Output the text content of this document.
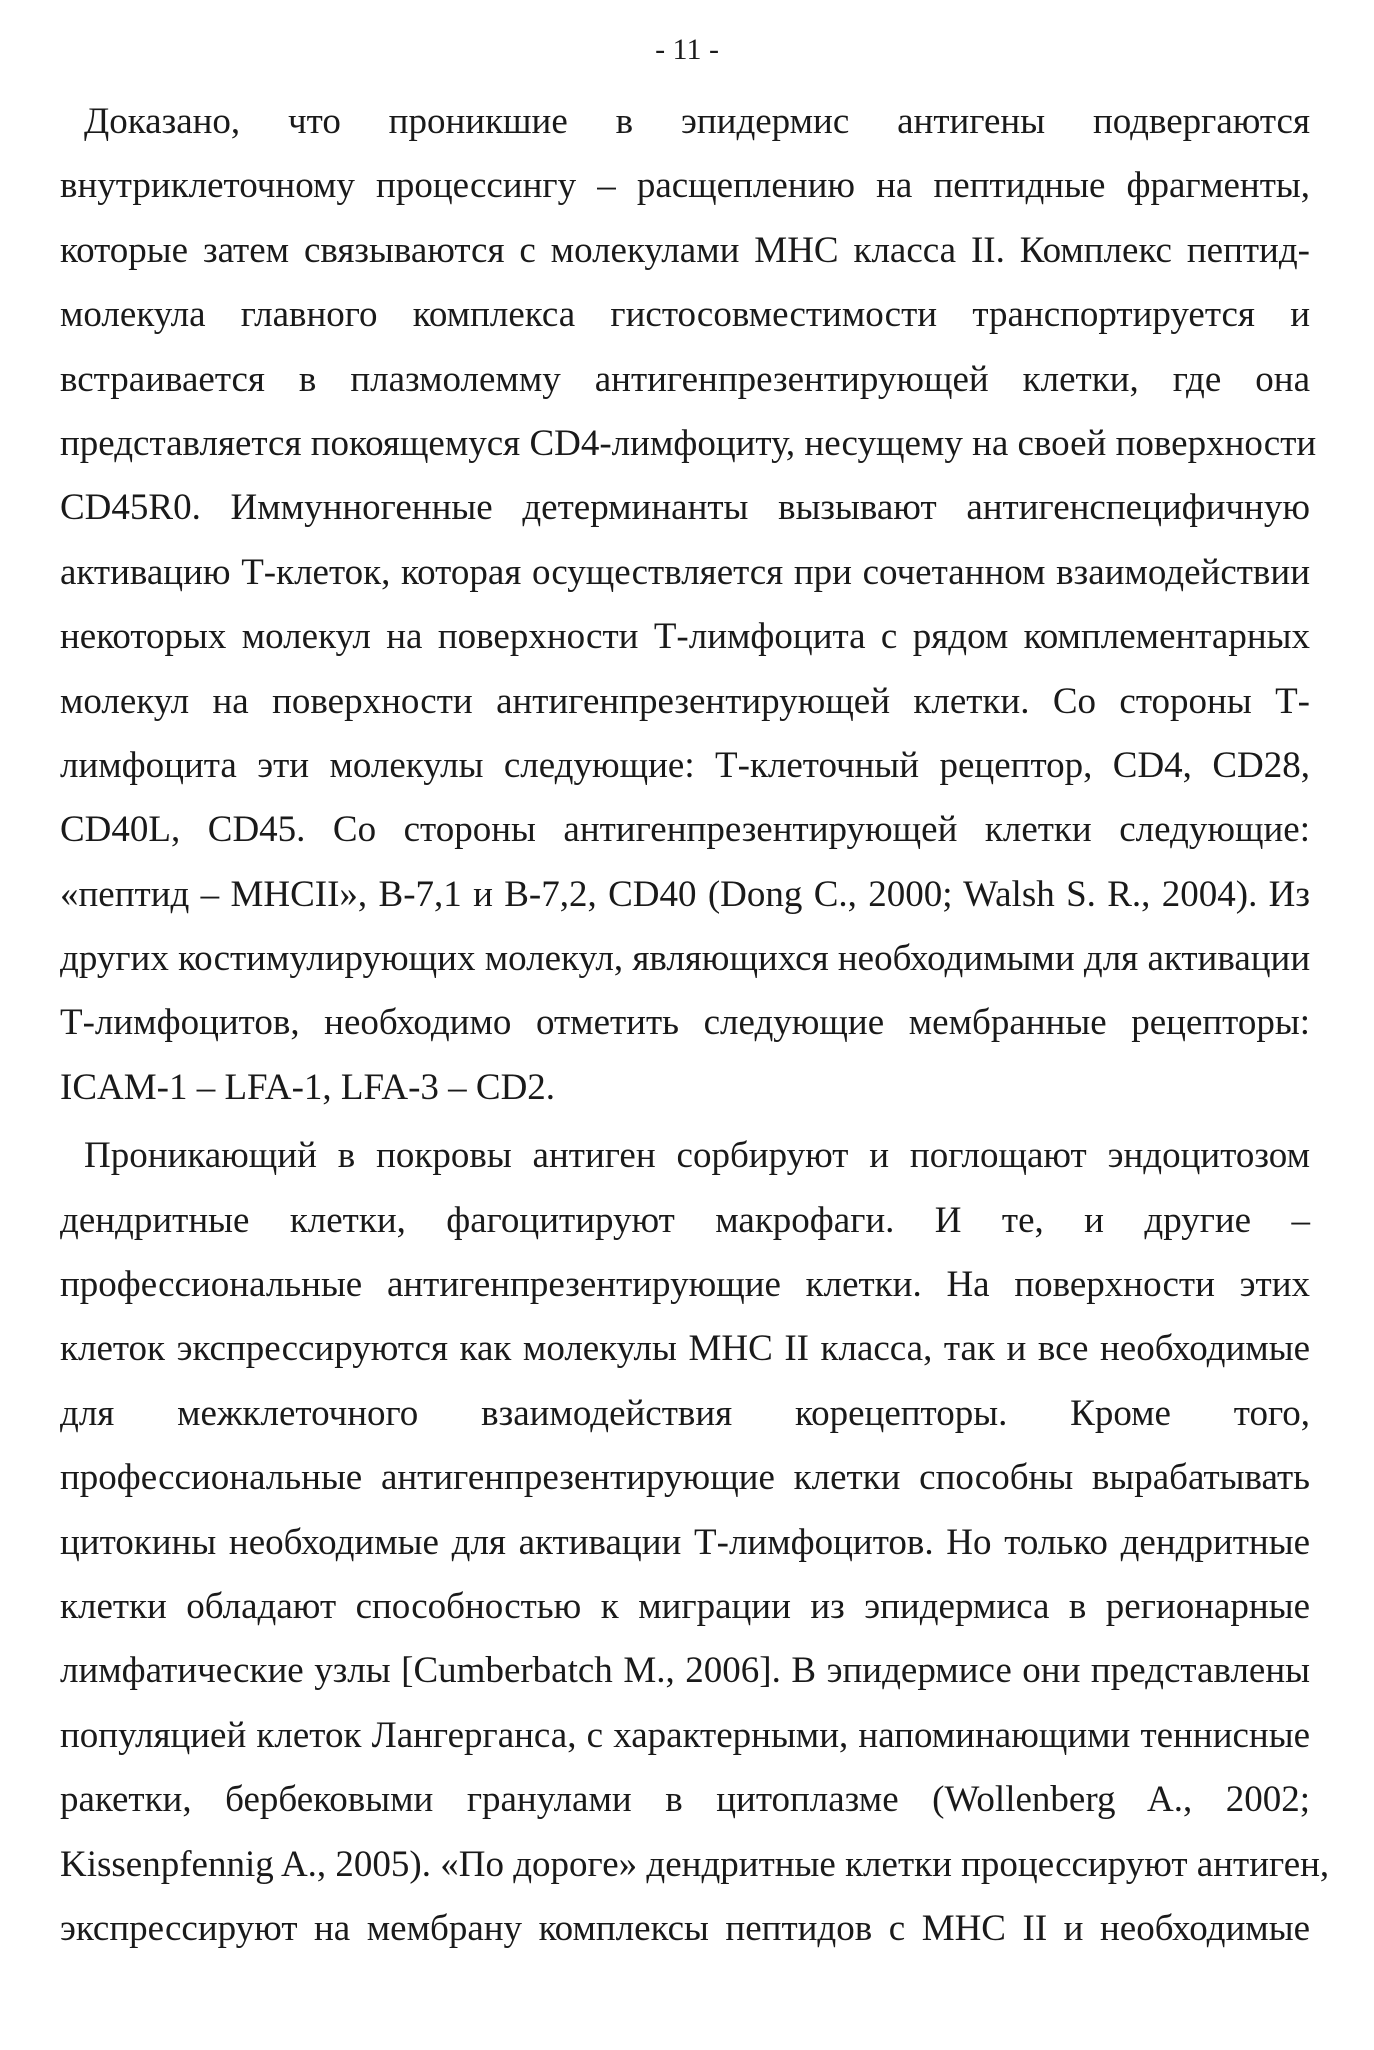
- 11 -
Доказано, что проникшие в эпидермис антигены подвергаются
внутриклеточному процессингу – расщеплению на пептидные фрагменты,
которые затем связываются с молекулами МНС класса II. Комплекс пептид-
молекула главного комплекса гистосовместимости транспортируется и
встраивается в плазмолемму антигенпрезентирующей клетки, где она
представляется покоящемуся CD4-лимфоциту, несущему на своей поверхности
CD45R0. Иммунногенные детерминанты вызывают антигенспецифичную
активацию Т-клеток, которая осуществляется при сочетанном взаимодействии
некоторых молекул на поверхности Т-лимфоцита с рядом комплементарных
молекул на поверхности антигенпрезентирующей клетки. Со стороны Т-
лимфоцита эти молекулы следующие: Т-клеточный рецептор, CD4, CD28,
CD40L, CD45. Со стороны антигенпрезентирующей клетки следующие:
«пептид – МНСII», В-7,1 и В-7,2, CD40 (Dong C., 2000; Walsh S. R., 2004). Из
других костимулирующих молекул, являющихся необходимыми для активации
Т-лимфоцитов, необходимо отметить следующие мембранные рецепторы:
ICAM-1 – LFA-1, LFA-3 – CD2.
Проникающий в покровы антиген сорбируют и поглощают эндоцитозом
дендритные клетки, фагоцитируют макрофаги. И те, и другие –
профессиональные антигенпрезентирующие клетки. На поверхности этих
клеток экспрессируются как молекулы МНС II класса, так и все необходимые
для межклеточного взаимодействия корецепторы. Кроме того,
профессиональные антигенпрезентирующие клетки способны вырабатывать
цитокины необходимые для активации Т-лимфоцитов. Но только дендритные
клетки обладают способностью к миграции из эпидермиса в регионарные
лимфатические узлы [Cumberbatch M., 2006]. В эпидермисе они представлены
популяцией клеток Лангерганса, с характерными, напоминающими теннисные
ракетки, бербековыми гранулами в цитоплазме (Wollenberg A., 2002;
Kissenpfennig A., 2005). «По дороге» дендритные клетки процессируют антиген,
экспрессируют на мембрану комплексы пептидов с МНС II и необходимые
